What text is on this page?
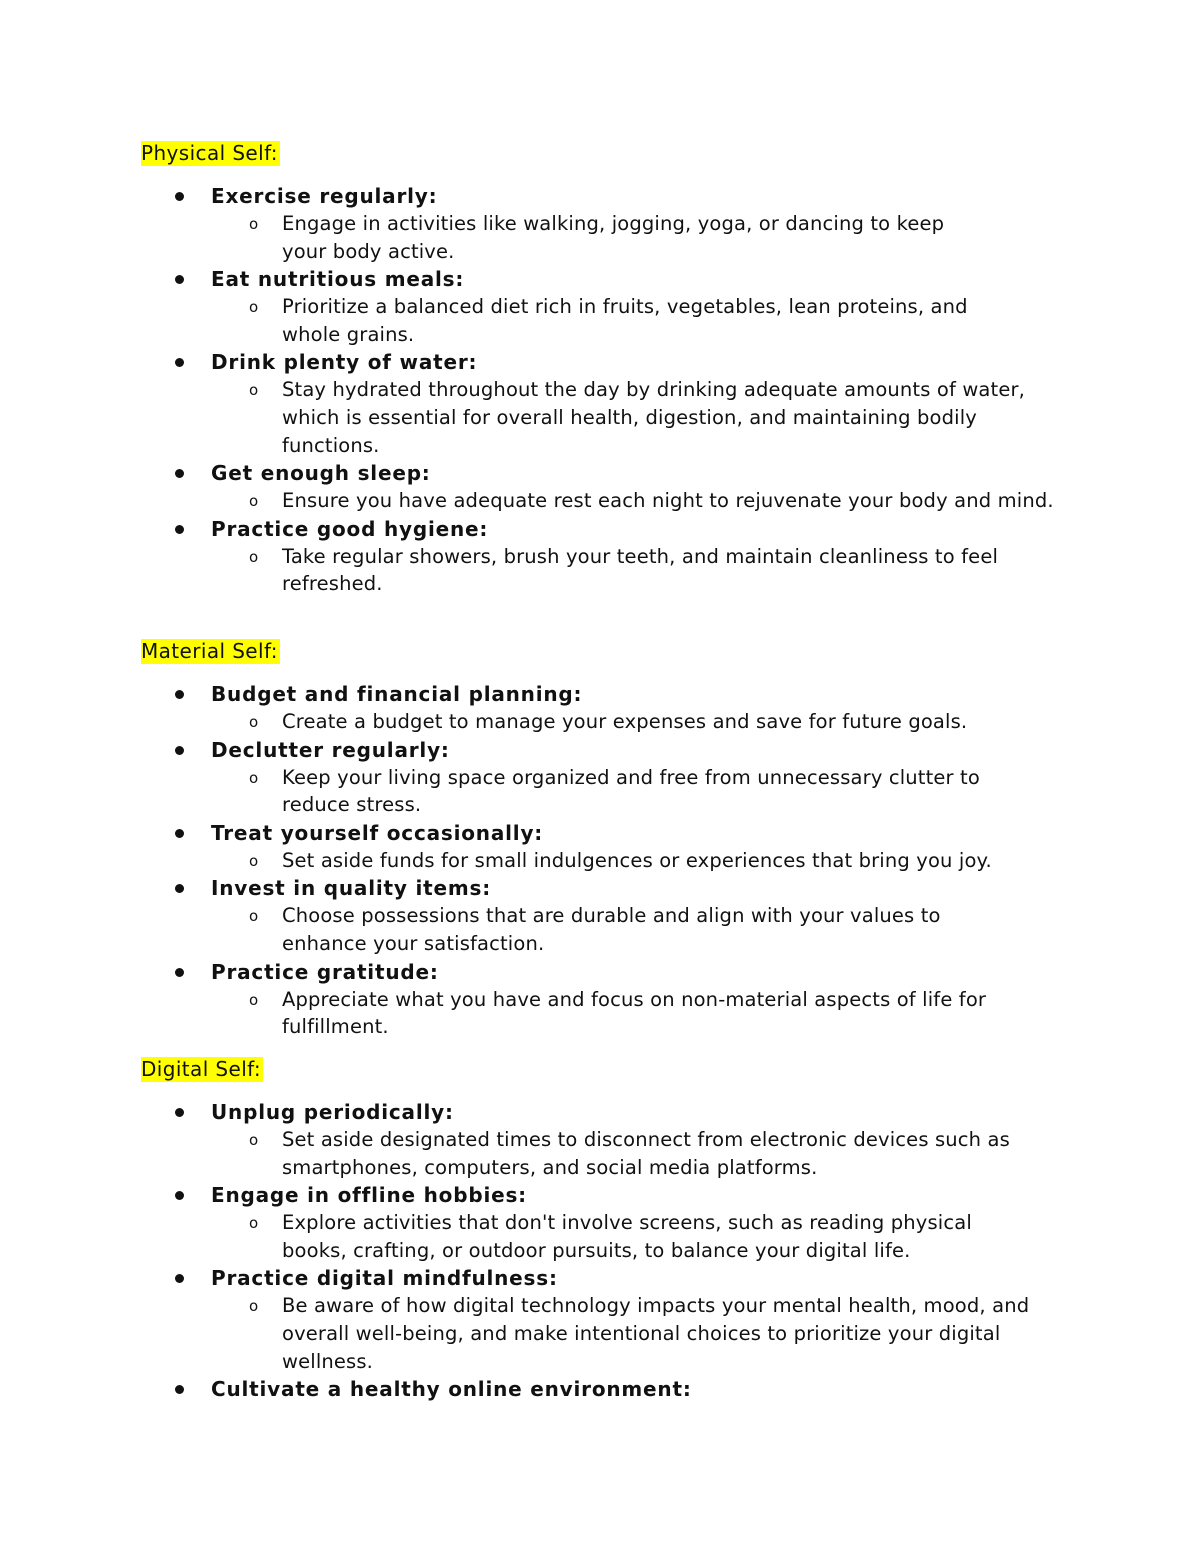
Physical Self:
Exercise regularly:
o Engage in activities like walking, jogging, yoga, or dancing to keep your body active.
Eat nutritious meals:
o Prioritize a balanced diet rich in fruits, vegetables, lean proteins, and whole grains.
Drink plenty of water:
o Stay hydrated throughout the day by drinking adequate amounts of water, which is essential for overall health, digestion, and maintaining bodily functions.
Get enough sleep:
o Ensure you have adequate rest each night to rejuvenate your body and mind.
Practice good hygiene:
o Take regular showers, brush your teeth, and maintain cleanliness to feel refreshed.
Material Self:
Budget and financial planning:
o Create a budget to manage your expenses and save for future goals.
Declutter regularly:
o Keep your living space organized and free from unnecessary clutter to reduce stress.
Treat yourself occasionally:
o Set aside funds for small indulgences or experiences that bring you joy.
Invest in quality items:
o Choose possessions that are durable and align with your values to enhance your satisfaction.
Practice gratitude:
o Appreciate what you have and focus on non-material aspects of life for fulfillment.
Digital Self:
Unplug periodically:
o Set aside designated times to disconnect from electronic devices such as smartphones, computers, and social media platforms.
Engage in offline hobbies:
o Explore activities that don't involve screens, such as reading physical books, crafting, or outdoor pursuits, to balance your digital life.
Practice digital mindfulness:
o Be aware of how digital technology impacts your mental health, mood, and overall well-being, and make intentional choices to prioritize your digital wellness.
Cultivate a healthy online environment:
